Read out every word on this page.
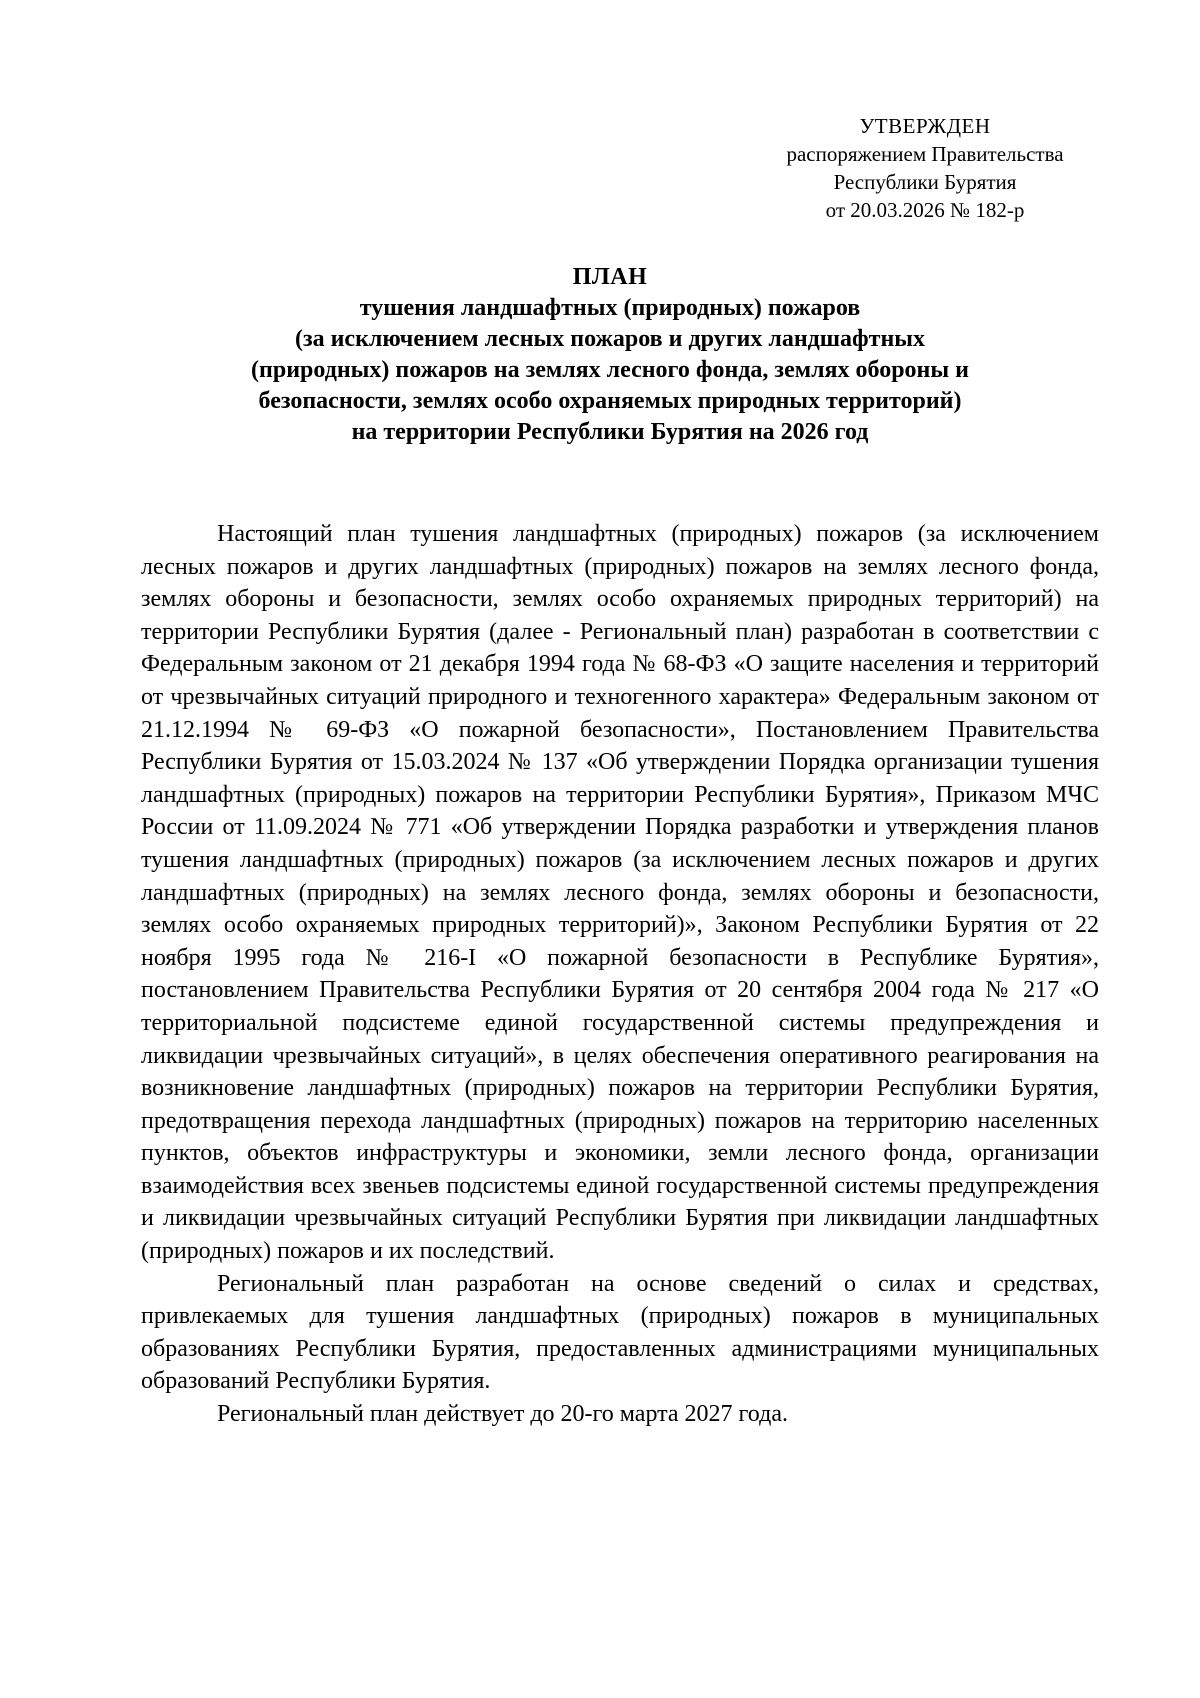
УТВЕРЖДЕН
распоряжением Правительства
Республики Бурятия
от 20.03.2026 № 182-р
ПЛАН
тушения ландшафтных (природных) пожаров
(за исключением лесных пожаров и других ландшафтных
(природных) пожаров на землях лесного фонда, землях обороны и
безопасности, землях особо охраняемых природных территорий)
на территории Республики Бурятия на 2026 год

Настоящий план тушения ландшафтных (природных) пожаров (за исключением лесных пожаров и других ландшафтных (природных) пожаров на землях лесного фонда, землях обороны и безопасности, землях особо охраняемых природных территорий) на территории Республики Бурятия (далее - Региональный план) разработан в соответствии с Федеральным законом от 21 декабря 1994 года № 68-ФЗ «О защите населения и территорий от чрезвычайных ситуаций природного и техногенного характера» Федеральным законом от 21.12.1994 № 69-ФЗ «О пожарной безопасности», Постановлением Правительства Республики Бурятия от 15.03.2024 № 137 «Об утверждении Порядка организации тушения ландшафтных (природных) пожаров на территории Республики Бурятия», Приказом МЧС России от 11.09.2024 № 771 «Об утверждении Порядка разработки и утверждения планов тушения ландшафтных (природных) пожаров (за исключением лесных пожаров и других ландшафтных (природных) на землях лесного фонда, землях обороны и безопасности, землях особо охраняемых природных территорий)», Законом Республики Бурятия от 22 ноября 1995 года № 216-I «О пожарной безопасности в Республике Бурятия», постановлением Правительства Республики Бурятия от 20 сентября 2004 года № 217 «О территориальной подсистеме единой государственной системы предупреждения и ликвидации чрезвычайных ситуаций», в целях обеспечения оперативного реагирования на возникновение ландшафтных (природных) пожаров на территории Республики Бурятия, предотвращения перехода ландшафтных (природных) пожаров на территорию населенных пунктов, объектов инфраструктуры и экономики, земли лесного фонда, организации взаимодействия всех звеньев подсистемы единой государственной системы предупреждения и ликвидации чрезвычайных ситуаций Республики Бурятия при ликвидации ландшафтных (природных) пожаров и их последствий.

Региональный план разработан на основе сведений о силах и средствах, привлекаемых для тушения ландшафтных (природных) пожаров в муниципальных образованиях Республики Бурятия, предоставленных администрациями муниципальных образований Республики Бурятия.

Региональный план действует до 20-го марта 2027 года.
